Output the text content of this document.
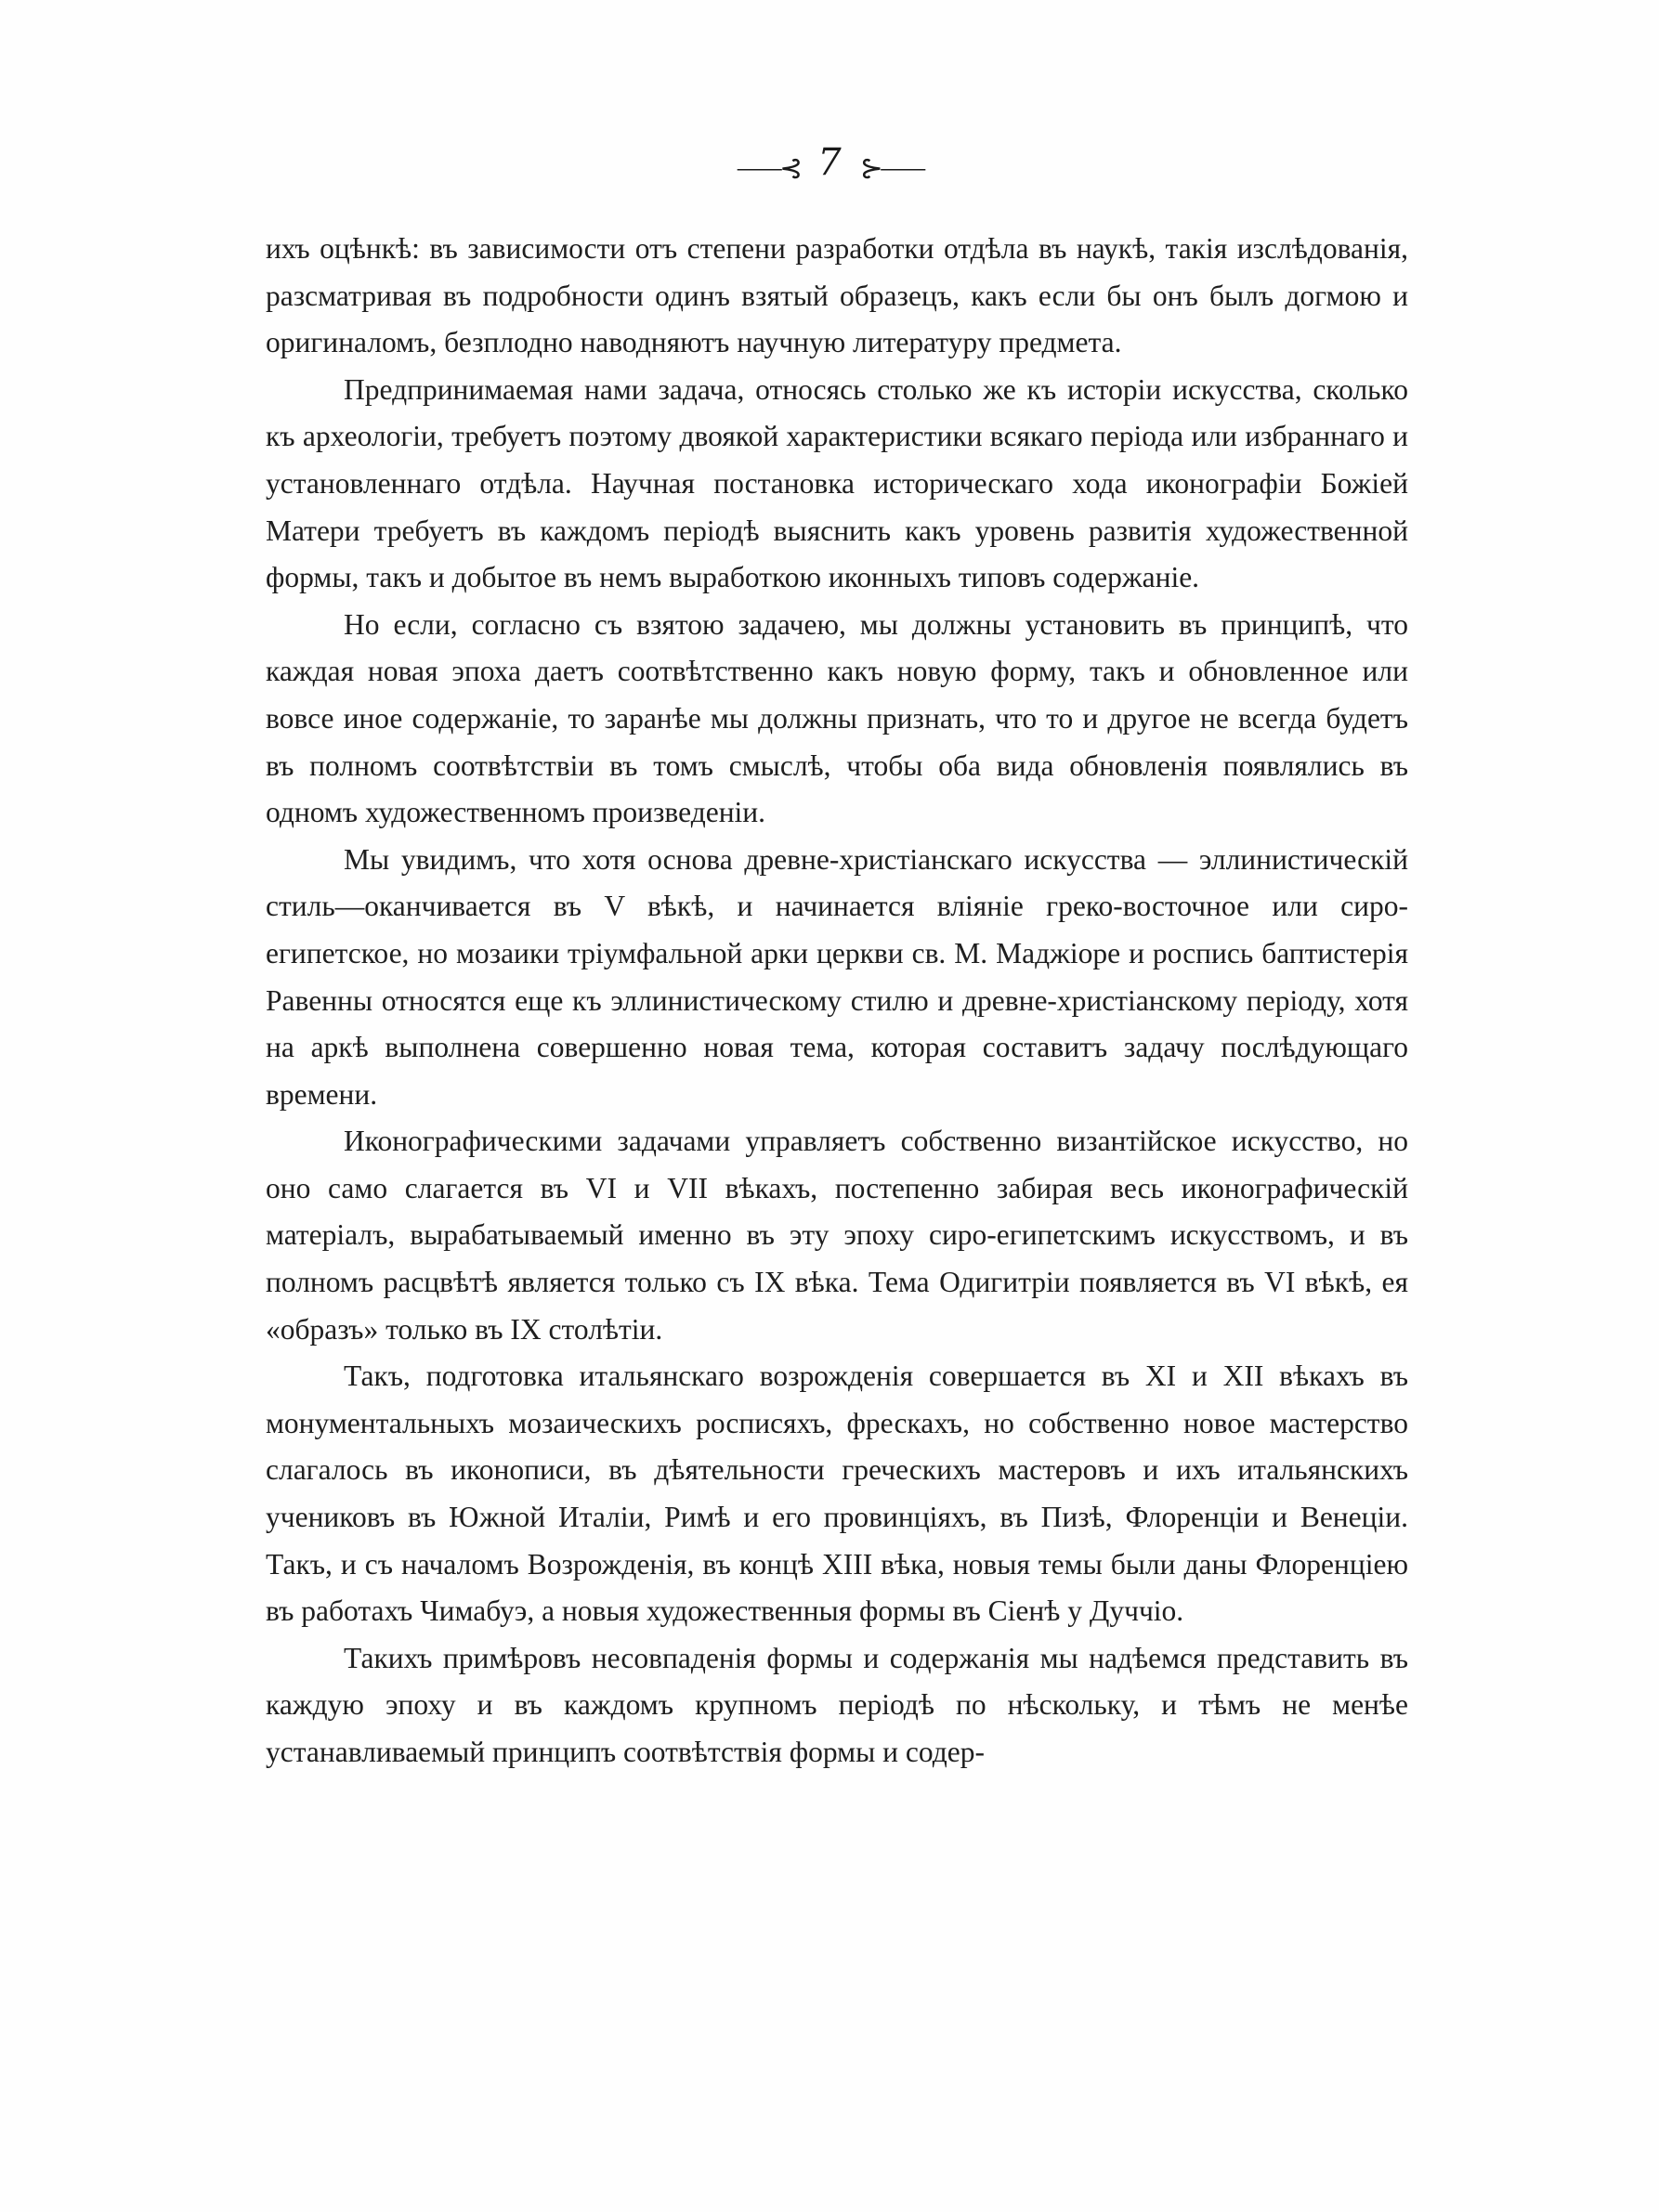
⸺⊰ 7 ⊱⸺

ихъ оцѣнкѣ: въ зависимости отъ степени разработки отдѣла въ наукѣ, такія изслѣдованія, разсматривая въ подробности одинъ взятый образецъ, какъ если бы онъ былъ догмою и оригиналомъ, безплодно наводняютъ научную литературу предмета.

Предпринимаемая нами задача, относясь столько же къ исторіи искусства, сколько къ археологіи, требуетъ поэтому двоякой характеристики всякаго періода или избраннаго и установленнаго отдѣла. Научная постановка историческаго хода иконографіи Божіей Матери требуетъ въ каждомъ періодѣ выяснить какъ уровень развитія художественной формы, такъ и добытое въ немъ выработкою иконныхъ типовъ содержаніе.

Но если, согласно съ взятою задачею, мы должны установить въ принципѣ, что каждая новая эпоха даетъ соотвѣтственно какъ новую форму, такъ и обновленное или вовсе иное содержаніе, то заранѣе мы должны признать, что то и другое не всегда будетъ въ полномъ соотвѣтствіи въ томъ смыслѣ, чтобы оба вида обновленія появлялись въ одномъ художественномъ произведеніи.

Мы увидимъ, что хотя основа древне-христіанскаго искусства — эллинистическій стиль—оканчивается въ V вѣкѣ, и начинается вліяніе греко-восточное или сиро-египетское, но мозаики тріумфальной арки церкви св. М. Маджіоре и роспись баптистерія Равенны относятся еще къ эллинистическому стилю и древне-христіанскому періоду, хотя на аркѣ выполнена совершенно новая тема, которая составитъ задачу послѣдующаго времени.

Иконографическими задачами управляетъ собственно византійское искусство, но оно само слагается въ VI и VII вѣкахъ, постепенно забирая весь иконографическій матеріалъ, вырабатываемый именно въ эту эпоху сиро-египетскимъ искусствомъ, и въ полномъ расцвѣтѣ является только съ IX вѣка. Тема Одигитріи появляется въ VI вѣкѣ, ея «образъ» только въ IX столѣтіи.

Такъ, подготовка итальянскаго возрожденія совершается въ XI и XII вѣкахъ въ монументальныхъ мозаическихъ росписяхъ, фрескахъ, но собственно новое мастерство слагалось въ иконописи, въ дѣятельности греческихъ мастеровъ и ихъ итальянскихъ учениковъ въ Южной Италіи, Римѣ и его провинціяхъ, въ Пизѣ, Флоренціи и Венеціи. Такъ, и съ началомъ Возрожденія, въ концѣ XIII вѣка, новыя темы были даны Флоренціею въ работахъ Чимабуэ, а новыя художественныя формы въ Сіенѣ у Дуччіо.

Такихъ примѣровъ несовпаденія формы и содержанія мы надѣемся представить въ каждую эпоху и въ каждомъ крупномъ періодѣ по нѣскольку, и тѣмъ не менѣе устанавливаемый принципъ соотвѣтствія формы и содер-
